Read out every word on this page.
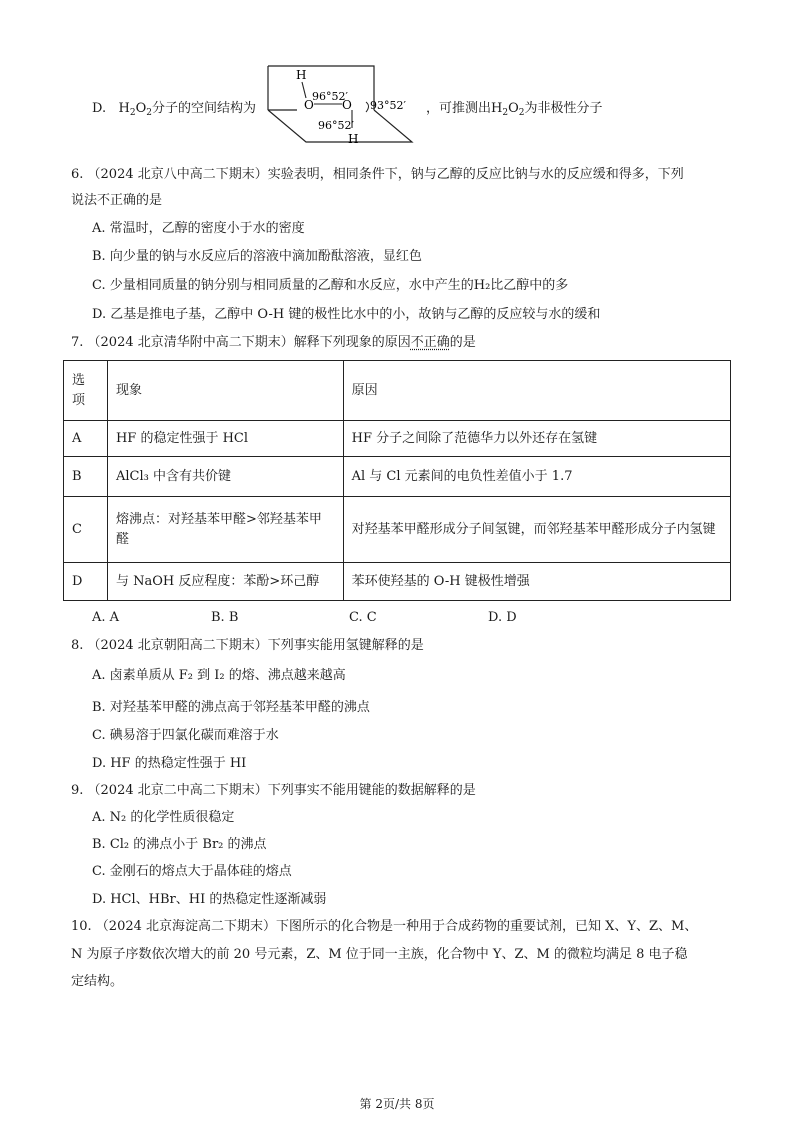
D. $H_2O_2$分子的空间结构为
H
O O
H
96°52′
96°52′
93°52′ ，可推测出$H_2O_2$为非极性分子
6. （2024 北京八中高二下期末）实验表明，相同条件下，钠与乙醇的反应比钠与水的反应缓和得多，下列
说法不正确的是
A. 常温时，乙醇的密度小于水的密度
B. 向少量的钠与水反应后的溶液中滴加酚酞溶液，显红色
C. 少量相同质量的钠分别与相同质量的乙醇和水反应，水中产生的H₂比乙醇中的多
D. 乙基是推电子基，乙醇中 O-H 键的极性比水中的小，故钠与乙醇的反应较与水的缓和
7. （2024 北京清华附中高二下期末）解释下列现象的原因不正确的是
选
项	现象	原因
A	HF 的稳定性强于 HCl	HF 分子之间除了范德华力以外还存在氢键
B	AlCl₃ 中含有共价键	Al 与 Cl 元素间的电负性差值小于 1.7
C	熔沸点：对羟基苯甲醛>邻羟基苯甲醛	对羟基苯甲醛形成分子间氢键，而邻羟基苯甲醛形成分子内氢键
D	与 NaOH 反应程度：苯酚>环己醇	苯环使羟基的 O-H 键极性增强
A. A	B. B	C. C	D. D
8. （2024 北京朝阳高二下期末）下列事实能用氢键解释的是
A. 卤素单质从 F₂ 到 I₂ 的熔、沸点越来越高
B. 对羟基苯甲醛的沸点高于邻羟基苯甲醛的沸点
C. 碘易溶于四氯化碳而难溶于水
D. HF 的热稳定性强于 HI
9. （2024 北京二中高二下期末）下列事实不能用键能的数据解释的是
A. N₂ 的化学性质很稳定
B. Cl₂ 的沸点小于 Br₂ 的沸点
C. 金刚石的熔点大于晶体硅的熔点
D. HCl、HBr、HI 的热稳定性逐渐减弱
10. （2024 北京海淀高二下期末）下图所示的化合物是一种用于合成药物的重要试剂，已知 X、Y、Z、M、
N 为原子序数依次增大的前 20 号元素，Z、M 位于同一主族，化合物中 Y、Z、M 的微粒均满足 8 电子稳
定结构。
第 2页/共 8页
